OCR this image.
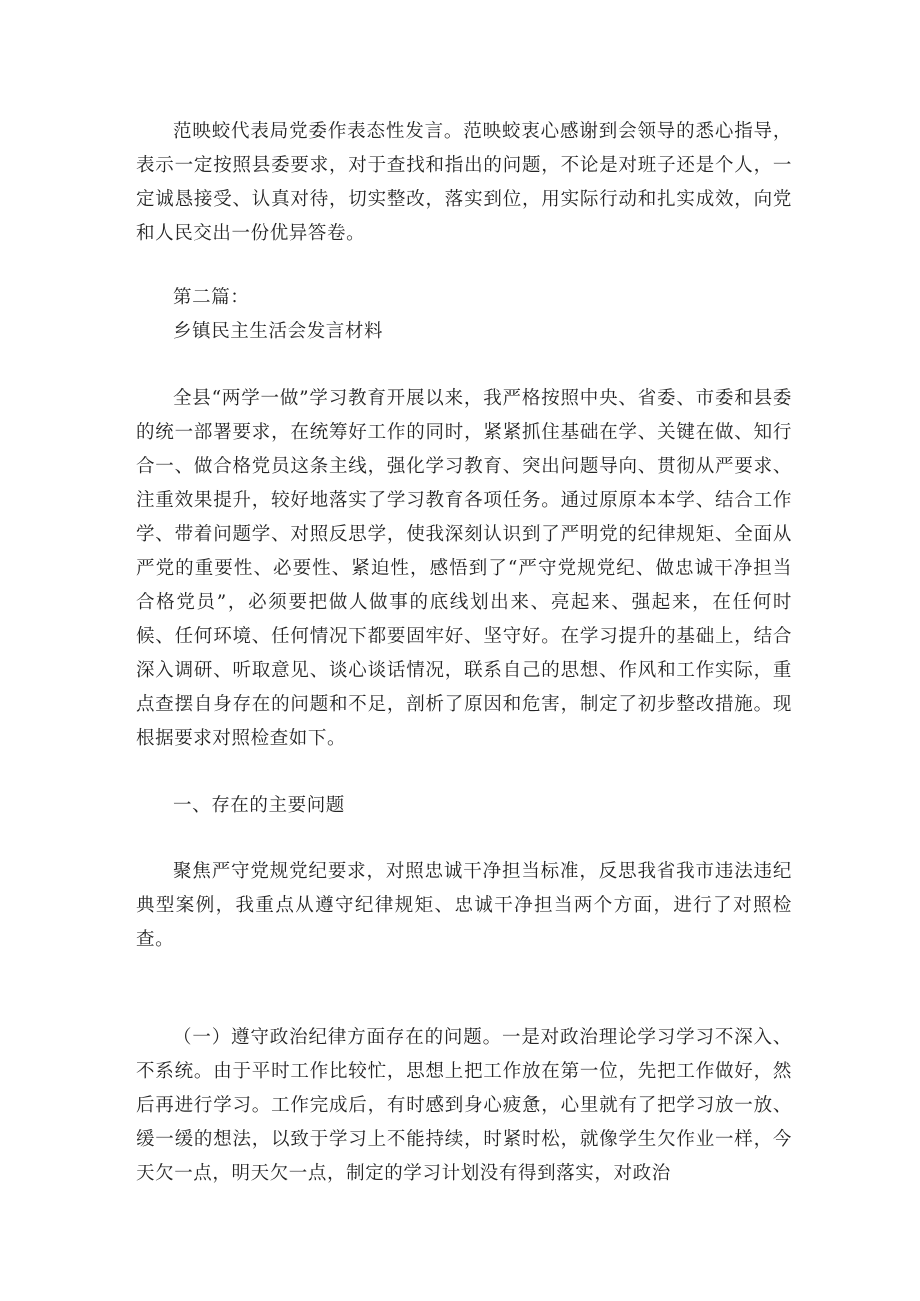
范映蛟代表局党委作表态性发言。范映蛟衷心感谢到会领导的悉心指导，表示一定按照县委要求，对于查找和指出的问题，不论是对班子还是个人，一定诚恳接受、认真对待，切实整改，落实到位，用实际行动和扎实成效，向党和人民交出一份优异答卷。

第二篇：

乡镇民主生活会发言材料

全县“两学一做”学习教育开展以来，我严格按照中央、省委、市委和县委的统一部署要求，在统筹好工作的同时，紧紧抓住基础在学、关键在做、知行合一、做合格党员这条主线，强化学习教育、突出问题导向、贯彻从严要求、注重效果提升，较好地落实了学习教育各项任务。通过原原本本学、结合工作学、带着问题学、对照反思学，使我深刻认识到了严明党的纪律规矩、全面从严党的重要性、必要性、紧迫性，感悟到了“严守党规党纪、做忠诚干净担当合格党员”，必须要把做人做事的底线划出来、亮起来、强起来，在任何时候、任何环境、任何情况下都要固牢好、坚守好。在学习提升的基础上，结合深入调研、听取意见、谈心谈话情况，联系自己的思想、作风和工作实际，重点查摆自身存在的问题和不足，剖析了原因和危害，制定了初步整改措施。现根据要求对照检查如下。

一、存在的主要问题

聚焦严守党规党纪要求，对照忠诚干净担当标准，反思我省我市违法违纪典型案例，我重点从遵守纪律规矩、忠诚干净担当两个方面，进行了对照检查。

（一）遵守政治纪律方面存在的问题。一是对政治理论学习学习不深入、不系统。由于平时工作比较忙，思想上把工作放在第一位，先把工作做好，然后再进行学习。工作完成后，有时感到身心疲惫，心里就有了把学习放一放、缓一缓的想法，以致于学习上不能持续，时紧时松，就像学生欠作业一样，今天欠一点，明天欠一点，制定的学习计划没有得到落实，对政治
